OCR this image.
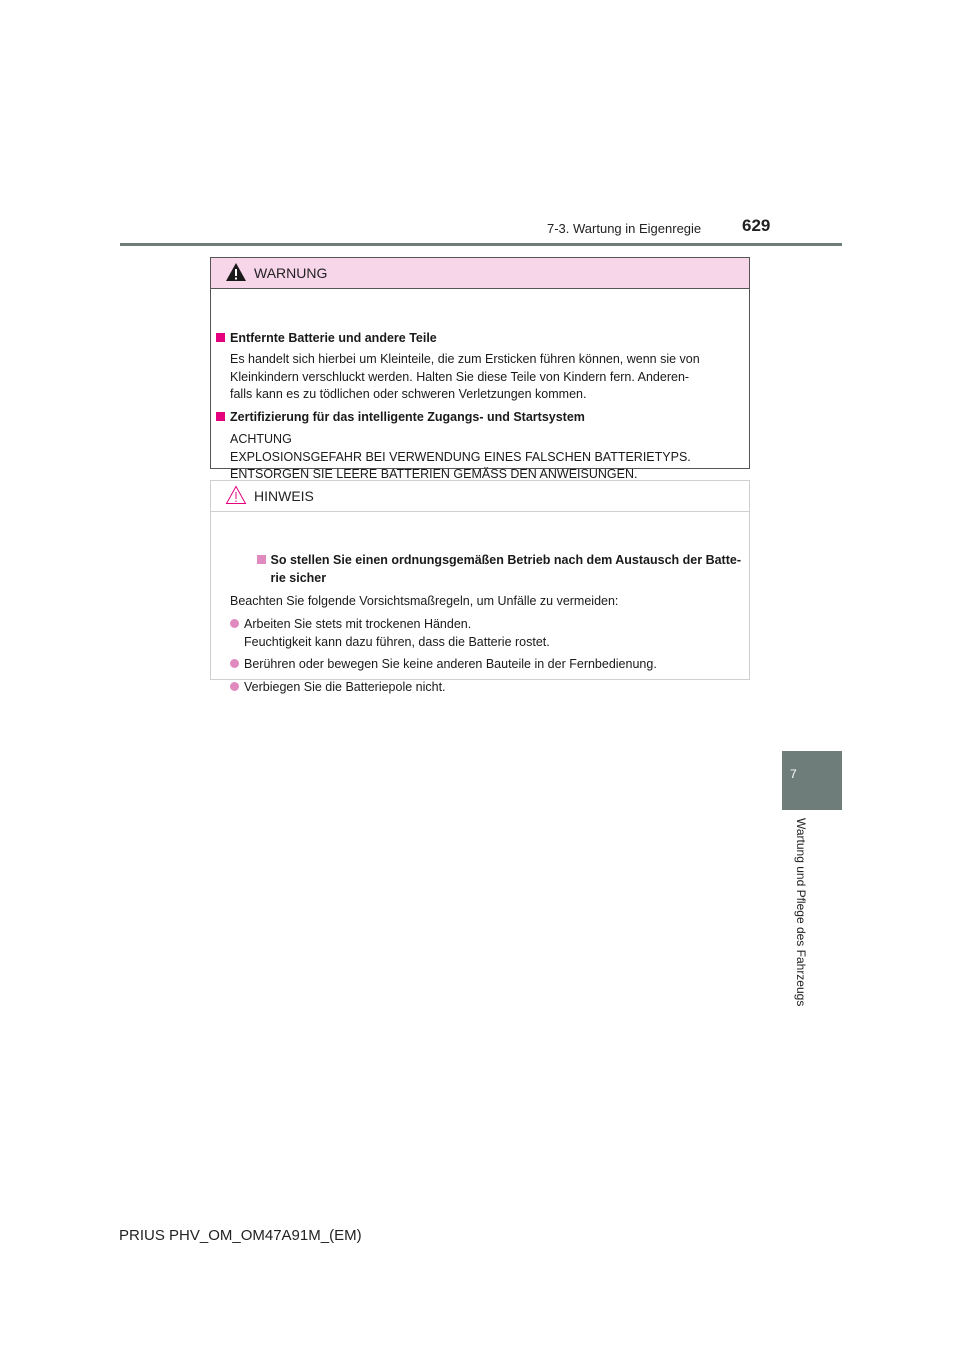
7-3. Wartung in Eigenregie 629
WARNUNG
Entfernte Batterie und andere Teile
Es handelt sich hierbei um Kleinteile, die zum Ersticken führen können, wenn sie von
Kleinkindern verschluckt werden. Halten Sie diese Teile von Kindern fern. Anderen-
falls kann es zu tödlichen oder schweren Verletzungen kommen.
Zertifizierung für das intelligente Zugangs- und Startsystem
ACHTUNG
EXPLOSIONSGEFAHR BEI VERWENDUNG EINES FALSCHEN BATTERIETYPS.
ENTSORGEN SIE LEERE BATTERIEN GEMÄSS DEN ANWEISUNGEN.
HINWEIS
So stellen Sie einen ordnungsgemäßen Betrieb nach dem Austausch der Batte-
rie sicher
Beachten Sie folgende Vorsichtsmaßregeln, um Unfälle zu vermeiden:
Arbeiten Sie stets mit trockenen Händen.
Feuchtigkeit kann dazu führen, dass die Batterie rostet.
Berühren oder bewegen Sie keine anderen Bauteile in der Fernbedienung.
Verbiegen Sie die Batteriepole nicht.
7
Wartung und Pflege des Fahrzeugs
PRIUS PHV_OM_OM47A91M_(EM)
